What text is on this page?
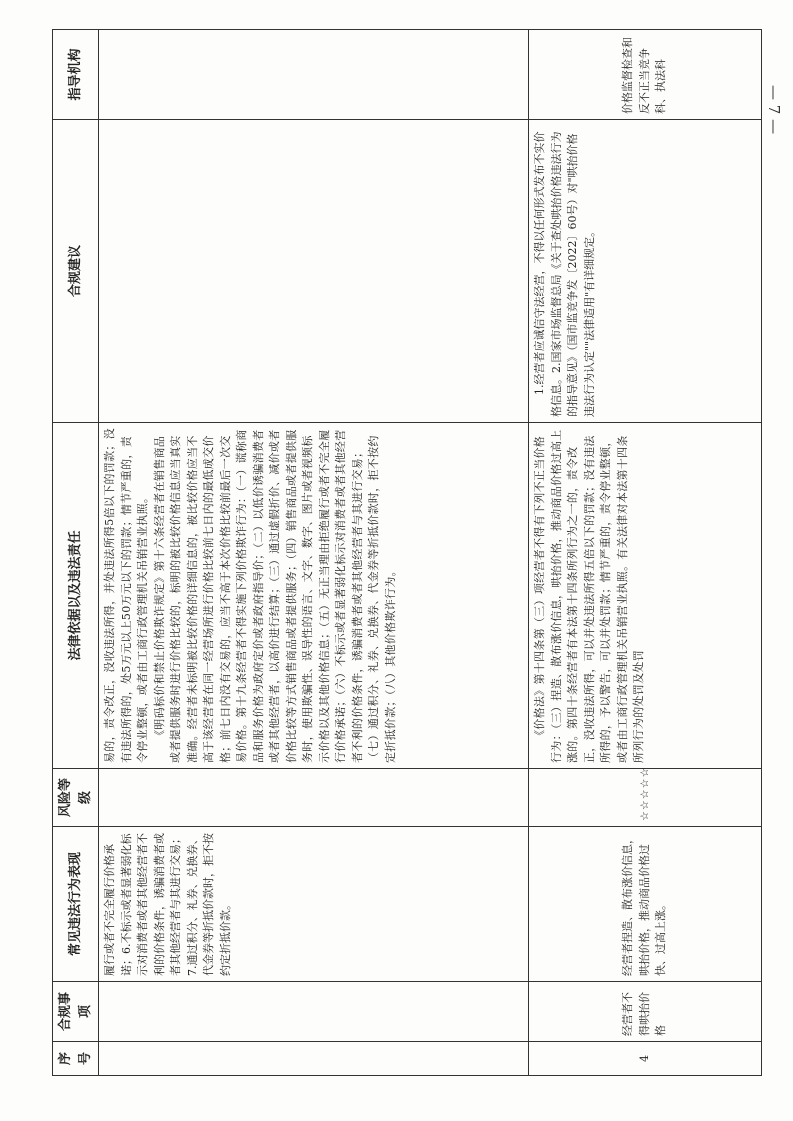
— 7 —
序号	合规事项	常见违法行为表现	风险等级	法律依据以及违法责任	合规建议	指导机构
		履行或者不完全履行价格承诺；6.不标示或者显著弱化标示对消费者或者其他经营者不利的价格条件，诱骗消费者或者其他经营者与其进行交易；7.通过积分、礼券、兑换券、代金券等折抵价款时，拒不按约定折抵价款。		易的，责令改正，没收违法所得，并处违法所得5倍以下的罚款；没有违法所得的，处5万元以上50万元以下的罚款；情节严重的，责令停业整顿，或者由工商行政管理机关吊销营业执照。 《明码标价和禁止价格欺诈规定》第十六条经营者在销售商品或者提供服务时进行价格比较的，标明的被比较价格信息应当真实准确。经营者未标明被比较价格的详细信息的，被比较价格应当不高于该经营者在同一经营场所进行价格比较前七日内的最低成交价格；前七日内没有交易的，应当不高于本次价格比较前最后一次交易价格。第十九条经营者不得实施下列价格欺诈行为：（一）谎称商品和服务价格为政府定价或者政府指导价；（二）以低价诱骗消费者或者其他经营者，以高价进行结算；（三）通过虚假折价、减价或者价格比较等方式销售商品或者提供服务；（四）销售商品或者提供服务时，使用欺骗性、误导性的语言、文字、数字、图片或者视频标示价格以及其他价格信息；（五）无正当理由拒绝履行或者不完全履行价格承诺；（六）不标示或者显著弱化标示对消费者或者其他经营者不利的价格条件，诱骗消费者或者其他经营者与其进行交易；（七）通过积分、礼券、兑换券、代金券等折抵价款时，拒不按约定折抵价款；（八）其他价格欺诈行为。		

4	经营者不得哄抬价格	经营者捏造、散布涨价信息，哄抬价格，推动商品价格过快、过高上涨。	☆☆☆☆☆	《价格法》第十四条第（三）项经营者不得有下列不正当价格行为：（三）捏造、散布涨价信息，哄抬价格，推动商品价格过高上涨的。第四十条经营者有本法第十四条所列行为之一的，责令改正，没收违法所得，可以并处违法所得五倍以下的罚款；没有违法所得的，予以警告，可以并处罚款；情节严重的，责令停业整顿，或者由工商行政管理机关吊销营业执照。有关法律对本法第十四条所列行为的处罚及处罚	1.经营者应诚信守法经营，不得以任何形式发布不实价格信息。2.国家市场监督总局《关于查处哄抬价格违法行为的指导意见》（国市监竞争发〔2022〕60号）对"哄抬价格违法行为认定""法律适用"有详细规定。	价格监督检查和反不正当竞争科、执法科
